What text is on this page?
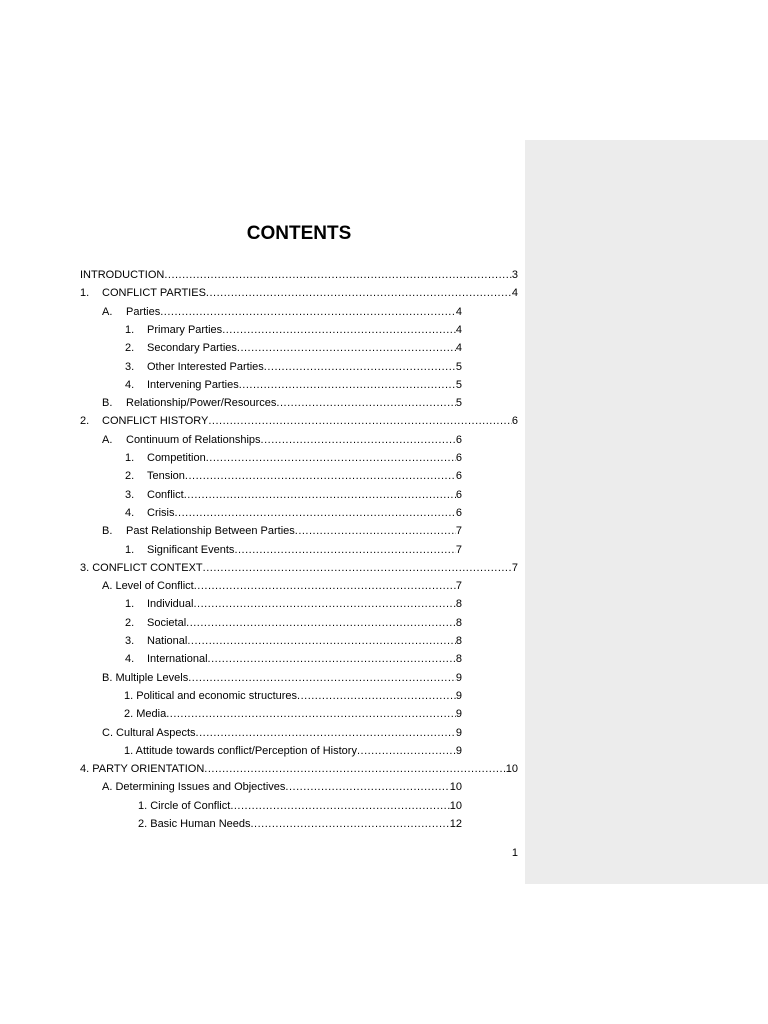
CONTENTS
INTRODUCTION .....	3
1.	CONFLICT PARTIES .....	4
A.	Parties .....	4
1.	Primary Parties .....	4
2.	Secondary Parties .....	4
3.	Other Interested Parties .....	5
4.	Intervening Parties .....	5
B.	Relationship/Power/Resources .....	5
2.	CONFLICT HISTORY .....	6
A.	Continuum of Relationships .....	6
1.	Competition .....	6
2.	Tension .....	6
3.	Conflict .....	6
4.	Crisis .....	6
B.	Past Relationship Between Parties .....	7
1.	Significant Events .....	7
3. CONFLICT CONTEXT .....	7
A. Level of Conflict .....	7
1.	Individual .....	8
2.	Societal .....	8
3.	National .....	8
4.	International .....	8
B. Multiple Levels .....	9
1. Political and economic structures .....	9
2. Media .....	9
C. Cultural Aspects .....	9
1. Attitude towards conflict/Perception of History .....	9
4. PARTY ORIENTATION .....	10
A. Determining Issues and Objectives .....	10
1. Circle of Conflict .....	10
2. Basic Human Needs .....	12
1
